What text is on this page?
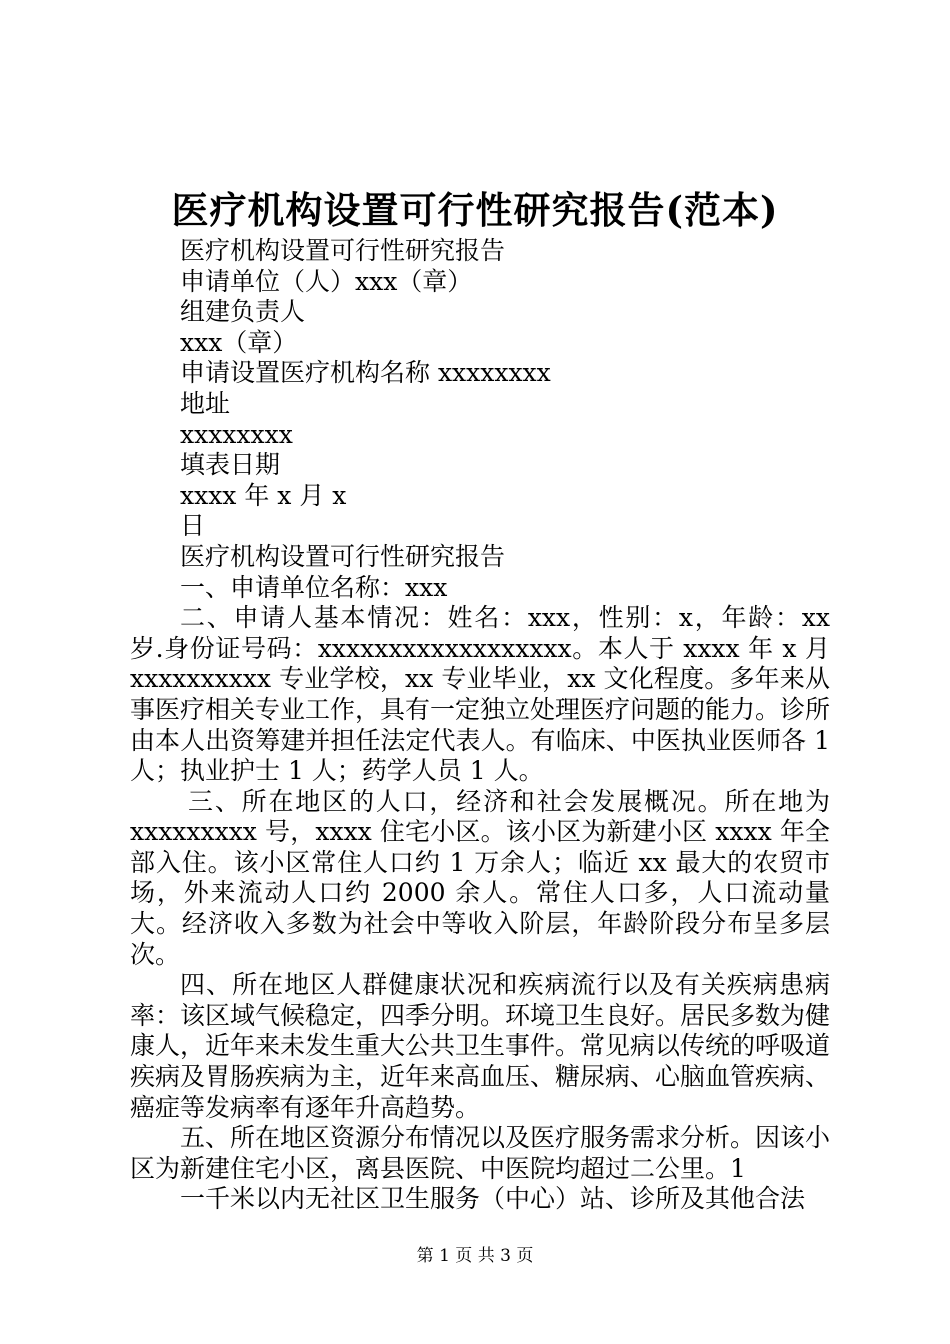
医疗机构设置可行性研究报告(范本)

医疗机构设置可行性研究报告

申请单位（人）xxx（章）

组建负责人

xxx（章）

申请设置医疗机构名称 xxxxxxxx

地址

xxxxxxxx

填表日期

xxxx 年 x 月 x

日

医疗机构设置可行性研究报告

一、申请单位名称：xxx

二、申请人基本情况：姓名：xxx，性别：x，年龄：xx 岁.身份证号码：xxxxxxxxxxxxxxxxxx。本人于 xxxx 年 x 月 xxxxxxxxxx 专业学校，xx 专业毕业，xx 文化程度。多年来从事医疗相关专业工作，具有一定独立处理医疗问题的能力。诊所由本人出资筹建并担任法定代表人。有临床、中医执业医师各 1 人；执业护士 1 人；药学人员 1 人。

三、所在地区的人口，经济和社会发展概况。所在地为 xxxxxxxxx 号，xxxx 住宅小区。该小区为新建小区 xxxx 年全部入住。该小区常住人口约 1 万余人；临近 xx 最大的农贸市场，外来流动人口约 2000 余人。常住人口多，人口流动量大。经济收入多数为社会中等收入阶层，年龄阶段分布呈多层次。

四、所在地区人群健康状况和疾病流行以及有关疾病患病率：该区域气候稳定，四季分明。环境卫生良好。居民多数为健康人，近年来未发生重大公共卫生事件。常见病以传统的呼吸道疾病及胃肠疾病为主，近年来高血压、糖尿病、心脑血管疾病、癌症等发病率有逐年升高趋势。

五、所在地区资源分布情况以及医疗服务需求分析。因该小区为新建住宅小区，离县医院、中医院均超过二公里。1

一千米以内无社区卫生服务（中心）站、诊所及其他合法

第 1 页 共 3 页
